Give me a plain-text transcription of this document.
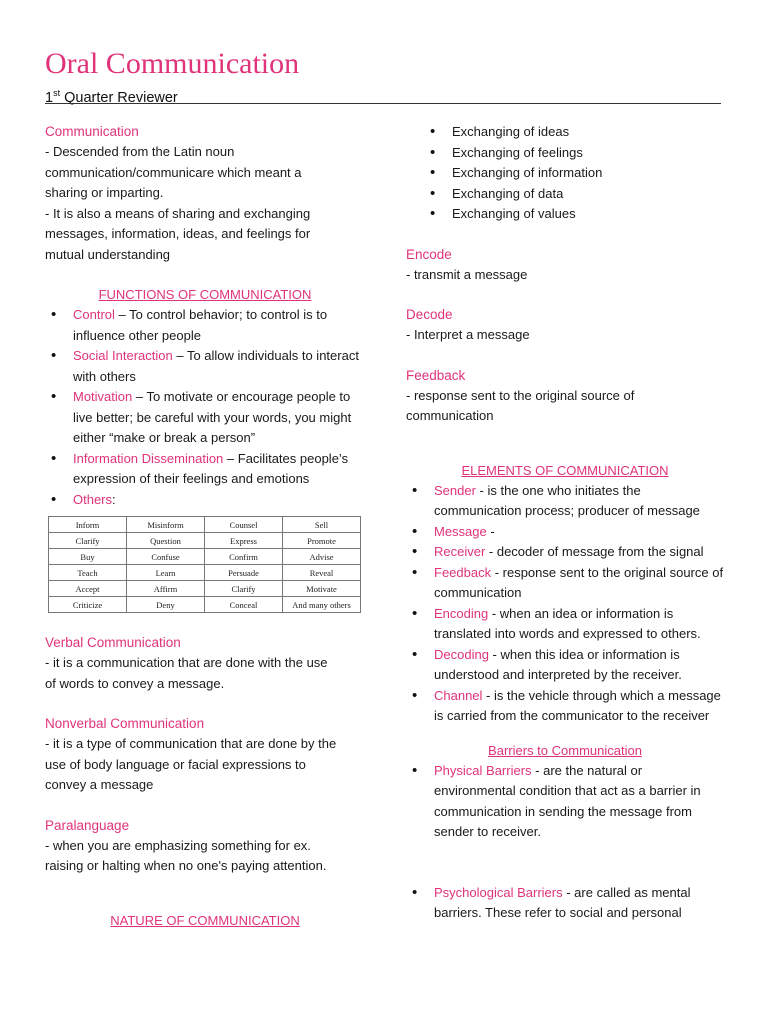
Oral Communication
1st Quarter Reviewer

Communication

- Descended from the Latin noun

communication/communicare which meant a

sharing or imparting.

- It is also a means of sharing and exchanging

messages, information, ideas, and feelings for

mutual understanding

FUNCTIONS OF COMMUNICATION

• Control – To control behavior; to control is to influence other people
• Social Interaction – To allow individuals to interact with others
• Motivation – To motivate or encourage people to live better; be careful with your words, you might either “make or break a person”
• Information Dissemination – Facilitates people’s expression of their feelings and emotions
• Others:
Inform	Misinform	Counsel	Sell
Clarify	Question	Express	Promote
Buy	Confuse	Confirm	Advise
Teach	Learn	Persuade	Reveal
Accept	Affirm	Clarify	Motivate
Criticize	Deny	Conceal	And many others

Verbal Communication

- it is a communication that are done with the use

of words to convey a message.

Nonverbal Communication

- it is a type of communication that are done by the

use of body language or facial expressions to

convey a message

Paralanguage

- when you are emphasizing something for ex.

raising or halting when no one's paying attention.

NATURE OF COMMUNICATION

• Exchanging of ideas
• Exchanging of feelings
• Exchanging of information
• Exchanging of data
• Exchanging of values

Encode

- transmit a message

Decode

- Interpret a message

Feedback

- response sent to the original source of

communication

ELEMENTS OF COMMUNICATION

• Sender - is the one who initiates the communication process; producer of message
• Message -
• Receiver - decoder of message from the signal
• Feedback - response sent to the original source of communication
• Encoding - when an idea or information is translated into words and expressed to others.
• Decoding - when this idea or information is understood and interpreted by the receiver.
• Channel - is the vehicle through which a message is carried from the communicator to the receiver

Barriers to Communication

• Physical Barriers - are the natural or environmental condition that act as a barrier in communication in sending the message from sender to receiver.
• Psychological Barriers - are called as mental barriers. These refer to social and personal
